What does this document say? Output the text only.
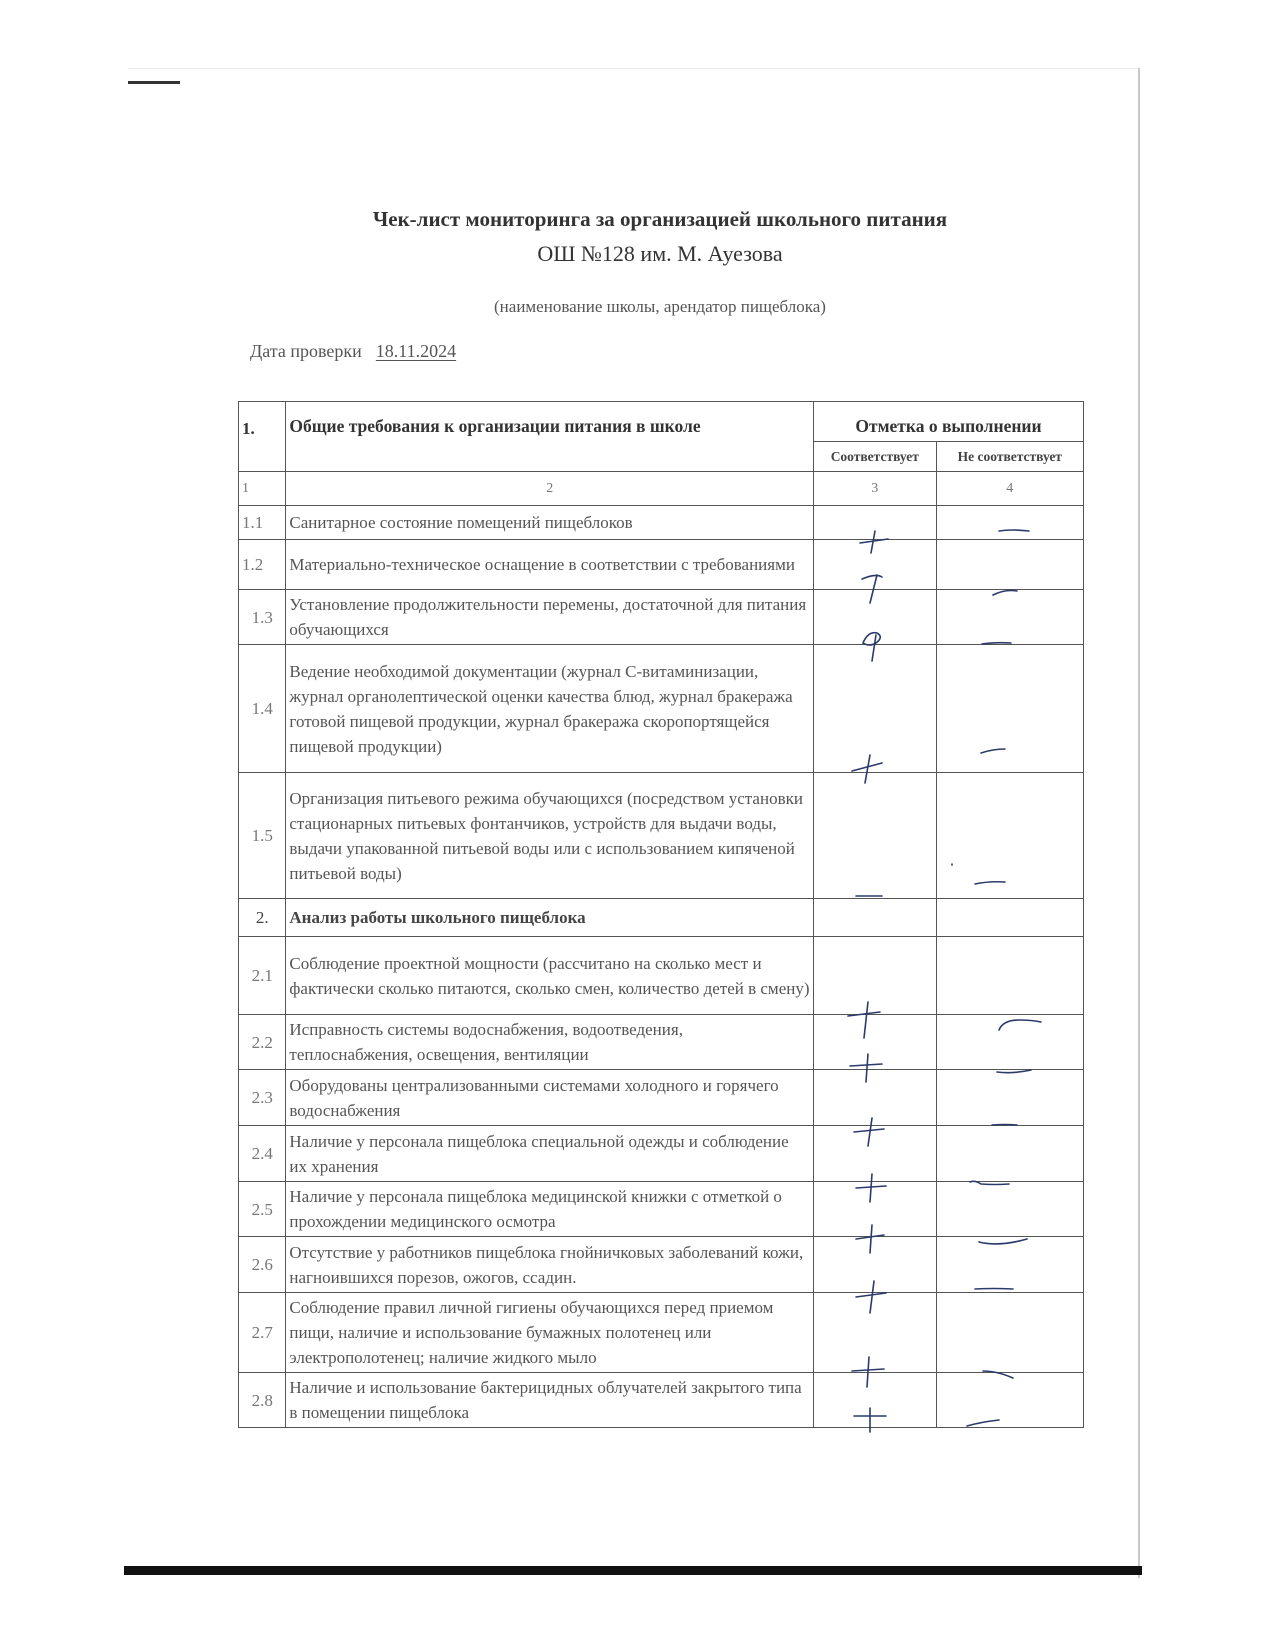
Чек-лист мониторинга за организацией школьного питания
ОШ №128 им. М. Ауезова
(наименование школы, арендатор пищеблока)
Дата проверки 18.11.2024
1.	Общие требования к организации питания в школе	Отметка о выполнении	
		Соответствует	Не соответствует
1	2	3	4
1.1	Санитарное состояние помещений пищеблоков	

1.2	Материально-техническое оснащение в соответствии с требованиями	

1.3	Установление продолжительности перемены, достаточной для питания обучающихся	

1.4	Ведение необходимой документации (журнал С-витаминизации, журнал органолептической оценки качества блюд, журнал бракеража готовой пищевой продукции, журнал бракеража скоропортящейся пищевой продукции)	

1.5	Организация питьевого режима обучающихся (посредством установки стационарных питьевых фонтанчиков, устройств для выдачи воды, выдачи упакованной питьевой воды или с использованием кипяченой питьевой воды)	

2.	Анализ работы школьного пищеблока		
2.1	Соблюдение проектной мощности (рассчитано на сколько мест и фактически сколько питаются, сколько смен, количество детей в смену)	

2.2	Исправность системы водоснабжения, водоотведения, теплоснабжения, освещения, вентиляции	

2.3	Оборудованы централизованными системами холодного и горячего водоснабжения	

2.4	Наличие у персонала пищеблока специальной одежды и соблюдение их хранения	

2.5	Наличие у персонала пищеблока медицинской книжки с отметкой о прохождении медицинского осмотра	

2.6	Отсутствие у работников пищеблока гнойничковых заболеваний кожи, нагноившихся порезов, ожогов, ссадин.	

2.7	Соблюдение правил личной гигиены обучающихся перед приемом пищи, наличие и использование бумажных полотенец или электрополотенец; наличие жидкого мыло	

2.8	Наличие и использование бактерицидных облучателей закрытого типа в помещении пищеблока	
